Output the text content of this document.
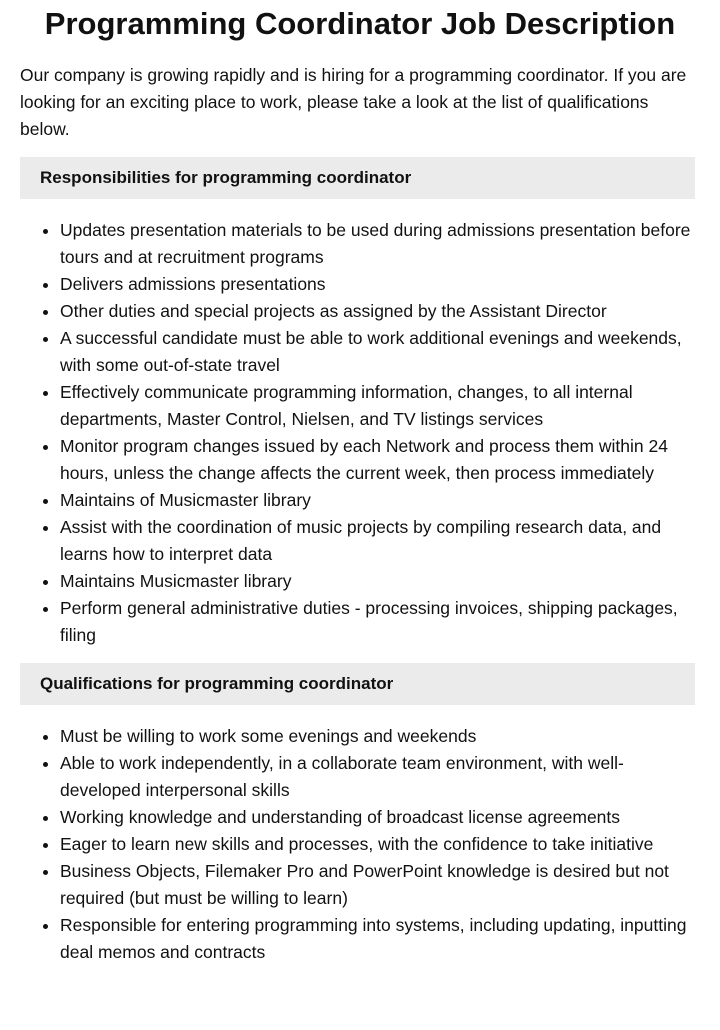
Programming Coordinator Job Description

Our company is growing rapidly and is hiring for a programming coordinator. If you are looking for an exciting place to work, please take a look at the list of qualifications below.

Responsibilities for programming coordinator
• Updates presentation materials to be used during admissions presentation before tours and at recruitment programs
• Delivers admissions presentations
• Other duties and special projects as assigned by the Assistant Director
• A successful candidate must be able to work additional evenings and weekends, with some out-of-state travel
• Effectively communicate programming information, changes, to all internal departments, Master Control, Nielsen, and TV listings services
• Monitor program changes issued by each Network and process them within 24 hours, unless the change affects the current week, then process immediately
• Maintains of Musicmaster library
• Assist with the coordination of music projects by compiling research data, and learns how to interpret data
• Maintains Musicmaster library
• Perform general administrative duties - processing invoices, shipping packages, filing
Qualifications for programming coordinator
• Must be willing to work some evenings and weekends
• Able to work independently, in a collaborate team environment, with well-developed interpersonal skills
• Working knowledge and understanding of broadcast license agreements
• Eager to learn new skills and processes, with the confidence to take initiative
• Business Objects, Filemaker Pro and PowerPoint knowledge is desired but not required (but must be willing to learn)
• Responsible for entering programming into systems, including updating, inputting deal memos and contracts
